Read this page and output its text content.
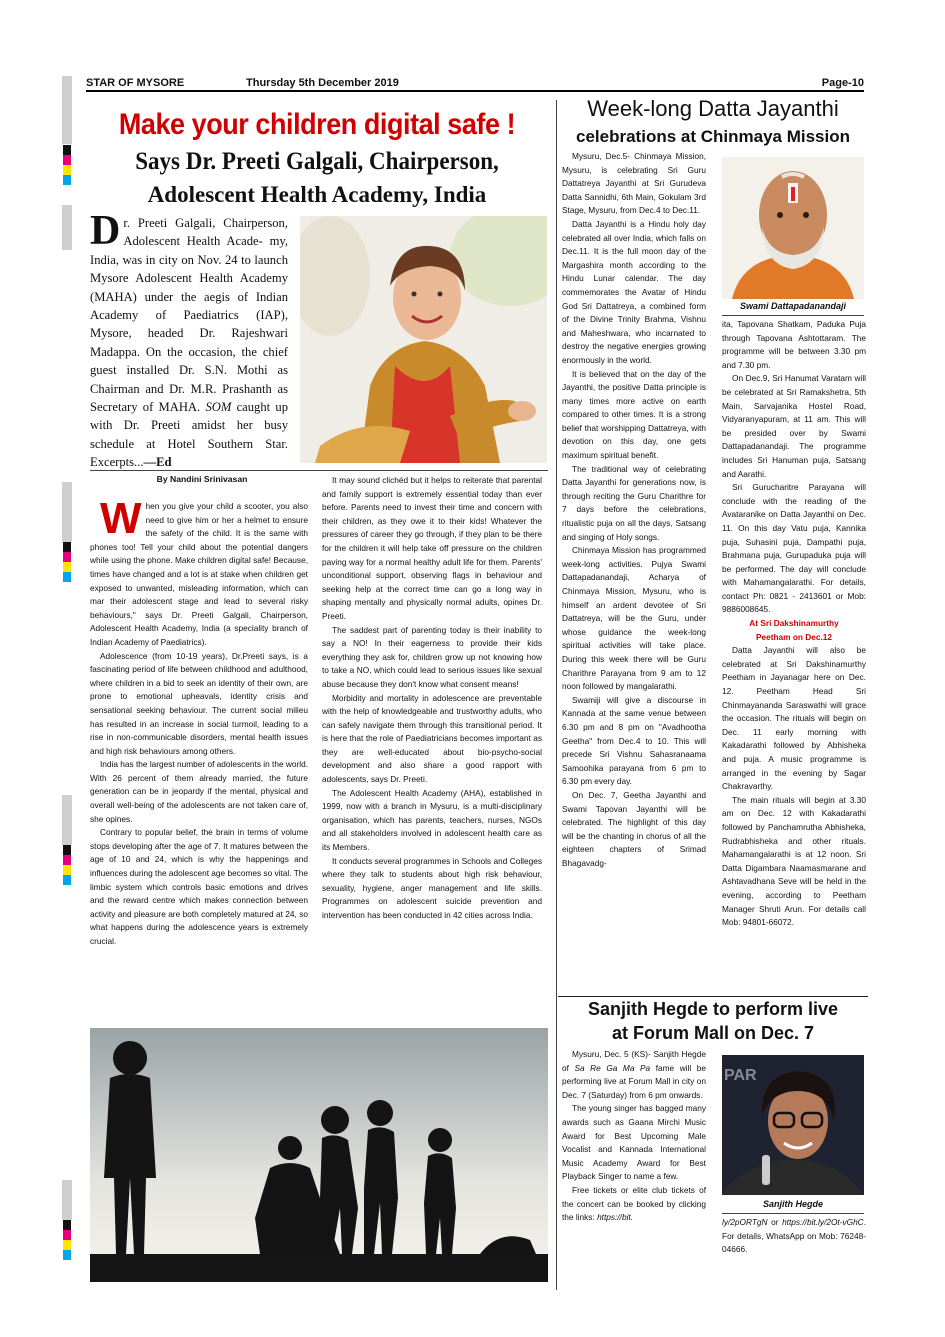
STAR OF MYSORE	Thursday 5th December 2019	Page-10
Make your children digital safe !
Says Dr. Preeti Galgali, Chairperson,
Adolescent Health Academy, India
D r. Preeti Galgali, Chairperson, Adolescent Health Acade- my, India, was in city on Nov. 24 to launch Mysore Adolescent Health Academy (MAHA) under the aegis of Indian Academy of Paediatrics (IAP), Mysore, headed Dr. Rajeshwari Madappa. On the occasion, the chief guest installed Dr. S.N. Mothi as Chairman and Dr. M.R. Prashanth as Secretary of MAHA. SOM caught up with Dr. Preeti amidst her busy schedule at Hotel Southern Star. Excerpts...—Ed
By Nandini Srinivasan

When you give your child a scooter, you also need to give him or her a helmet to ensure the safety of the child. It is the same with phones too! Tell your child about the potential dangers while using the phone. Make children digital safe! Because, times have changed and a lot is at stake when children get exposed to unwanted, misleading information, which can mar their adolescent stage and lead to several risky behaviours," says Dr. Preeti Galgali, Chairperson, Adolescent Health Academy, India (a speciality branch of Indian Academy of Paediatrics).

Adolescence (from 10-19 years), Dr.Preeti says, is a fascinating period of life between childhood and adulthood, where children in a bid to seek an identity of their own, are prone to emotional upheavals, identity crisis and sensational seeking behaviour. The current social milieu has resulted in an increase in social turmoil, leading to a rise in non-communicable disorders, mental health issues and high risk behaviours among others.

India has the largest number of adolescents in the world. With 26 percent of them already married, the future generation can be in jeopardy if the mental, physical and overall well-being of the adolescents are not taken care of, she opines.

Contrary to popular belief, the brain in terms of volume stops developing after the age of 7. It matures between the age of 10 and 24, which is why the happenings and influences during the adolescent age becomes so vital. The limbic system which controls basic emotions and drives and the reward centre which makes connection between activity and pleasure are both completely matured at 24, so what happens during the adolescence years is extremely crucial.

It may sound clichéd but it helps to reiterate that parental and family support is extremely essential today than ever before. Parents need to invest their time and concern with their children, as they owe it to their kids! Whatever the pressures of career they go through, if they plan to be there for the children it will help take off pressure on the children paving way for a normal healthy adult life for them. Parents' unconditional support, observing flags in behaviour and seeking help at the correct time can go a long way in shaping mentally and physically normal adults, opines Dr. Preeti.

The saddest part of parenting today is their inability to say a NO! In their eagerness to provide their kids everything they ask for, children grow up not knowing how to take a NO, which could lead to serious issues like sexual abuse because they don't know what consent means!

Morbidity and mortality in adolescence are preventable with the help of knowledgeable and trustworthy adults, who can safely navigate them through this transitional period. It is here that the role of Paediatricians becomes important as they are well-educated about bio-psycho-social development and also share a good rapport with adolescents, says Dr. Preeti.

The Adolescent Health Academy (AHA), established in 1999, now with a branch in Mysuru, is a multi-disciplinary organisation, which has parents, teachers, nurses, NGOs and all stakeholders involved in adolescent health care as its Members.

It conducts several programmes in Schools and Colleges where they talk to students about high risk behaviour, sexuality, hygiene, anger management and life skills. Programmes on adolescent suicide prevention and intervention has been conducted in 42 cities across India.

Week-long Datta Jayanthi
celebrations at Chinmaya Mission

Mysuru, Dec.5- Chinmaya Mission, Mysuru, is celebrating Sri Guru Dattatreya Jayanthi at Sri Gurudeva Datta Sannidhi, 6th Main, Gokulam 3rd Stage, Mysuru, from Dec.4 to Dec.11.

Datta Jayanthi is a Hindu holy day celebrated all over India, which falls on Dec.11. It is the full moon day of the Margashira month according to the Hindu Lunar calendar. The day commemorates the Avatar of Hindu God Sri Dattatreya, a combined form of the Divine Trinity Brahma, Vishnu and Maheshwara, who incarnated to destroy the negative energies growing enormously in the world.

It is believed that on the day of the Jayanthi, the positive Datta principle is many times more active on earth compared to other times. It is a strong belief that worshipping Dattatreya, with devotion on this day, one gets maximum spiritual benefit.

The traditional way of celebrating Datta Jayanthi for generations now, is through reciting the Guru Charithre for 7 days before the celebrations, ritualistic puja on all the days, Satsang and singing of Holy songs.

Chinmaya Mission has programmed week-long activities. Pujya Swami Dattapadanandaji, Acharya of Chinmaya Mission, Mysuru, who is himself an ardent devotee of Sri Dattatreya, will be the Guru, under whose guidance the week-long spiritual activities will take place. During this week there will be Guru Charithre Parayana from 9 am to 12 noon followed by mangalarathi.

Swamiji will give a discourse in Kannada at the same venue between 6.30 pm and 8 pm on "Avadhootha Geetha" from Dec.4 to 10. This will precede Sri Vishnu Sahasranaama Samoohika parayana from 6 pm to 6.30 pm every day.

On Dec. 7, Geetha Jayanthi and Swami Tapovan Jayanthi will be celebrated. The highlight of this day will be the chanting in chorus of all the eighteen chapters of Srimad Bhagavadg-

Swami Dattapadanandaji

ita, Tapovana Shatkam, Paduka Puja through Tapovana Ashtottaram. The programme will be between 3.30 pm and 7.30 pm.

On Dec.9, Sri Hanumat Varatam will be celebrated at Sri Ramakshetra, 5th Main, Sarvajanika Hostel Road, Vidyaranyapuram, at 11 am. This will be presided over by Swami Dattapadanandaji. The programme includes Sri Hanuman puja, Satsang and Aarathi.

Sri Gurucharitre Parayana will conclude with the reading of the Avataranike on Datta Jayanthi on Dec. 11. On this day Vatu puja, Kannika puja, Suhasini puja, Dampathi puja, Brahmana puja, Gurupaduka puja will be performed. The day will conclude with Mahamangalarathi. For details, contact Ph: 0821 - 2413601 or Mob: 9886008645.

At Sri Dakshinamurthy
Peetham on Dec.12

Datta Jayanthi will also be celebrated at Sri Dakshinamurthy Peetham in Jayanagar here on Dec. 12. Peetham Head Sri Chinmayananda Saraswathi will grace the occasion. The rituals will begin on Dec. 11 early morning with Kakadarathi followed by Abhisheka and puja. A music programme is arranged in the evening by Sagar Chakravarthy.

The main rituals will begin at 3.30 am on Dec. 12 with Kakadarathi followed by Panchamrutha Abhisheka, Rudrabhisheka and other rituals. Mahamangalarathi is at 12 noon. Sri Datta Digambara Naamasmarane and Ashtavadhana Seve will be held in the evening, according to Peetham Manager Shruti Arun. For details call Mob: 94801-66072.

Sanjith Hegde to perform live
at Forum Mall on Dec. 7

Mysuru, Dec. 5 (KS)- Sanjith Hegde of Sa Re Ga Ma Pa fame will be performing live at Forum Mall in city on Dec. 7 (Saturday) from 6 pm onwards.

The young singer has bagged many awards such as Gaana Mirchi Music Award for Best Upcoming Male Vocalist and Kannada International Music Academy Award for Best Playback Singer to name a few.

Free tickets or elite club tickets of the concert can be booked by clicking the links: https://bit.

PAR
Sanjith Hegde

ly/2pORTgN or https://bit.ly/2Ot-vGhC. For details, WhatsApp on Mob: 76248-04666.
